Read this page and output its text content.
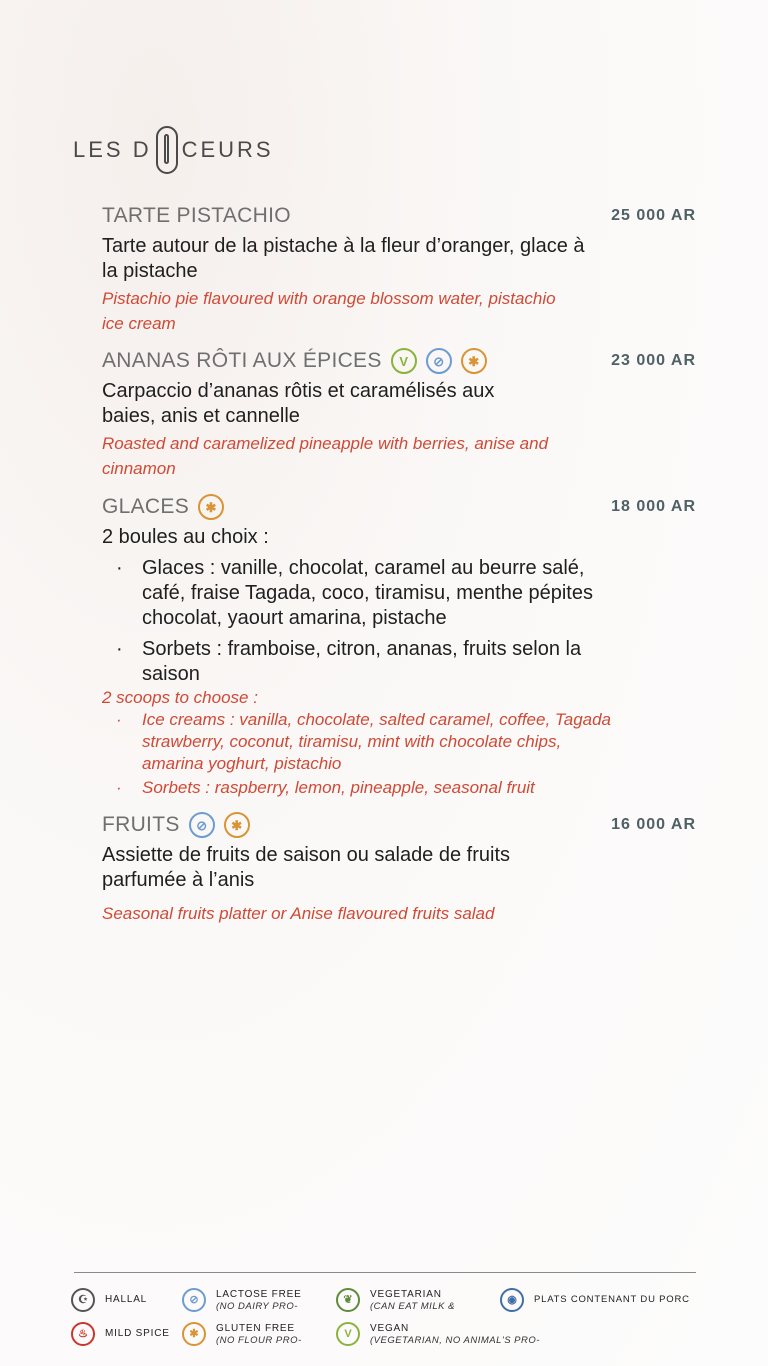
LES D CEURS
TARTE PISTACHIO	25 000 AR
Tarte autour de la pistache à la fleur d’oranger, glace à la pistache
Pistachio pie flavoured with orange blossom water, pistachio ice cream
ANANAS RÔTI AUX ÉPICES	V	⊘	✱	23 000 AR
Carpaccio d’ananas rôtis et caramélisés aux baies, anis et cannelle
Roasted and caramelized pineapple with berries, anise and cinnamon
GLACES	✱	18 000 AR
2 boules au choix :
· Glaces : vanille, chocolat, caramel au beurre salé, café, fraise Tagada, coco, tiramisu, menthe pépites chocolat, yaourt amarina, pistache
· Sorbets : framboise, citron, ananas, fruits selon la saison
2 scoops to choose :
· Ice creams : vanilla, chocolate, salted caramel, coffee, Tagada strawberry, coconut, tiramisu, mint with chocolate chips, amarina yoghurt, pistachio
· Sorbets : raspberry, lemon, pineapple, seasonal fruit
FRUITS	⊘	✱	16 000 AR
Assiette de fruits de saison ou salade de fruits parfumée à l’anis
Seasonal fruits platter or Anise flavoured fruits salad
☪	HALLAL	⊘	LACTOSE FREE
(NO DAIRY PRO-
❦	VEGETARIAN
(CAN EAT MILK &
◉	PLATS CONTENANT DU PORC
♨	MILD SPICE	✱	GLUTEN FREE
(NO FLOUR PRO-
V	VEGAN
(VEGETARIAN, NO ANIMAL'S PRO-
